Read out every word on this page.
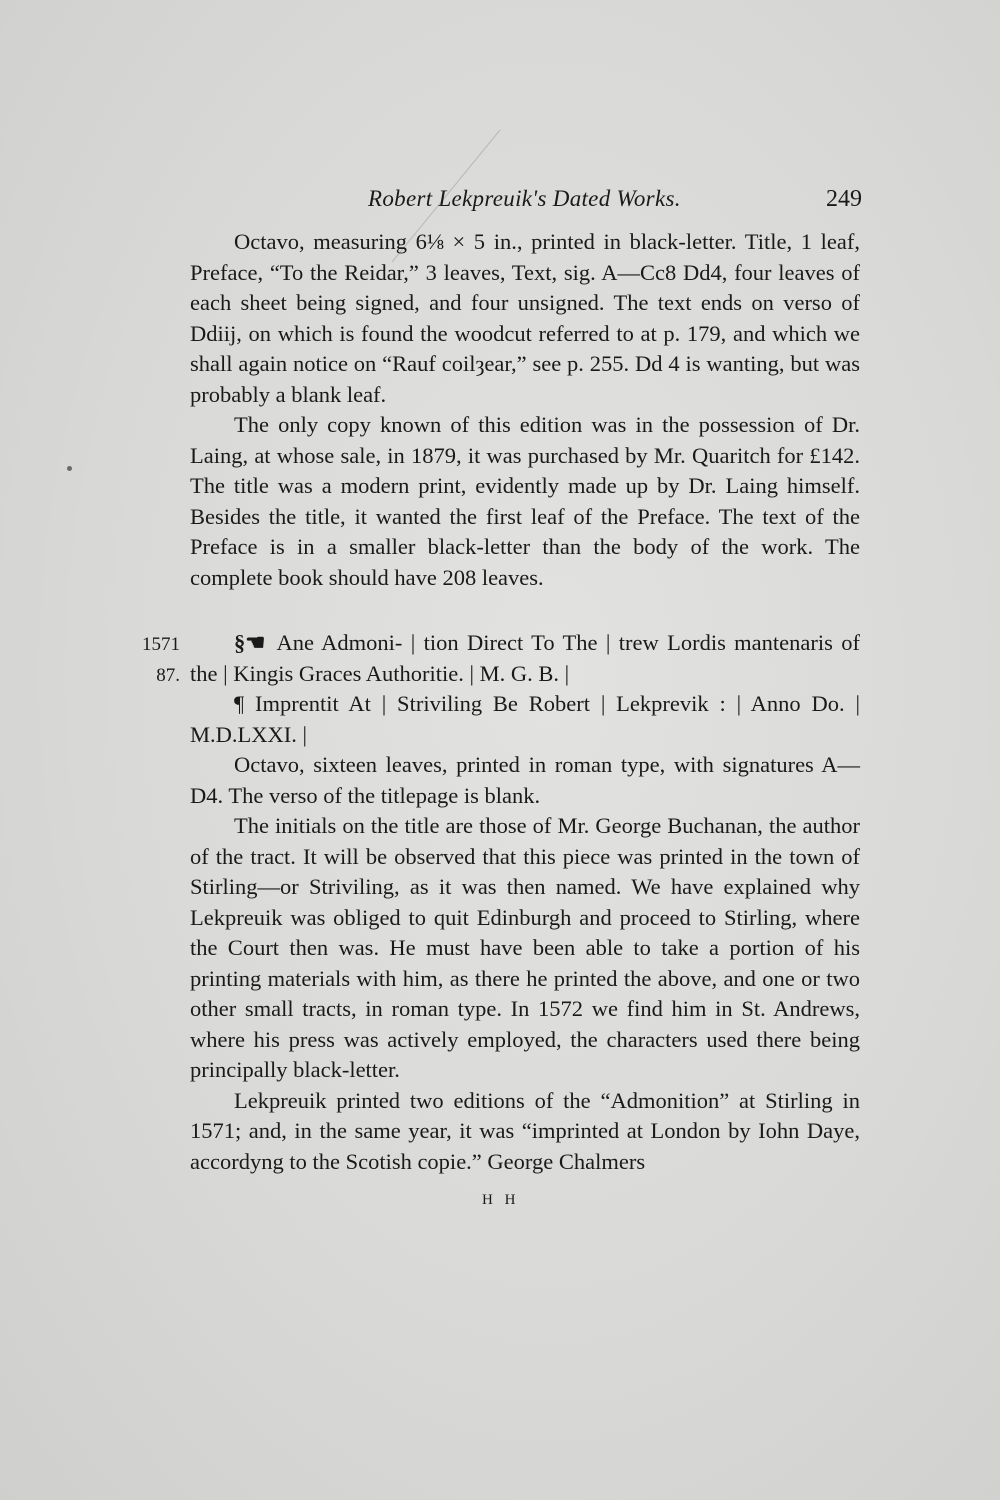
Robert Lekpreuik's Dated Works.	249

Octavo, measuring 6⅛ × 5 in., printed in black-letter. Title, 1 leaf, Preface, “To the Reidar,” 3 leaves, Text, sig. A—Cc8 Dd4, four leaves of each sheet being signed, and four unsigned. The text ends on verso of Ddiij, on which is found the woodcut referred to at p. 179, and which we shall again notice on “Rauf coilȝear,” see p. 255. Dd 4 is wanting, but was probably a blank leaf.

The only copy known of this edition was in the possession of Dr. Laing, at whose sale, in 1879, it was purchased by Mr. Quaritch for £142. The title was a modern print, evidently made up by Dr. Laing himself. Besides the title, it wanted the first leaf of the Preface. The text of the Preface is in a smaller black-letter than the body of the work. The complete book should have 208 leaves.

1571
87.

§☚ Ane Admoni- | tion Direct To The | trew Lordis mantenaris of the | Kingis Graces Authoritie. | M. G. B. |

¶ Imprentit At | Striviling Be Robert | Lekprevik : | Anno Do. | M.D.LXXI. |

Octavo, sixteen leaves, printed in roman type, with signatures A—D4. The verso of the titlepage is blank.

The initials on the title are those of Mr. George Buchanan, the author of the tract. It will be observed that this piece was printed in the town of Stirling—or Striviling, as it was then named. We have explained why Lekpreuik was obliged to quit Edinburgh and proceed to Stirling, where the Court then was. He must have been able to take a portion of his printing materials with him, as there he printed the above, and one or two other small tracts, in roman type. In 1572 we find him in St. Andrews, where his press was actively employed, the characters used there being principally black-letter.

Lekpreuik printed two editions of the “Admonition” at Stirling in 1571; and, in the same year, it was “imprinted at London by Iohn Daye, accordyng to the Scotish copie.” George Chalmers

H H
